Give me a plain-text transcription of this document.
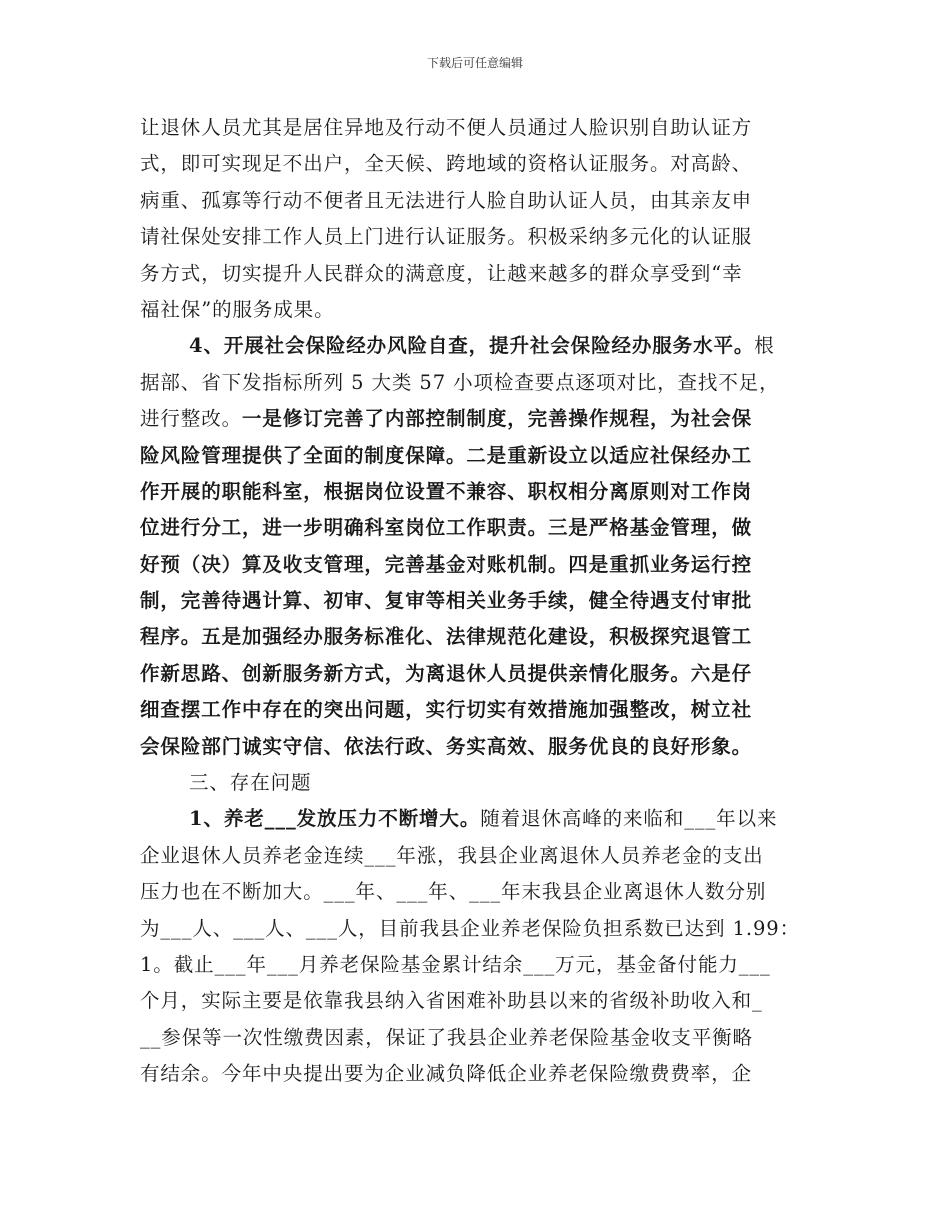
下载后可任意编辑
让退休人员尤其是居住异地及行动不便人员通过人脸识别自助认证方
式，即可实现足不出户，全天候、跨地域的资格认证服务。对高龄、
病重、孤寡等行动不便者且无法进行人脸自助认证人员，由其亲友申
请社保处安排工作人员上门进行认证服务。积极采纳多元化的认证服
务方式，切实提升人民群众的满意度，让越来越多的群众享受到“幸
福社保”的服务成果。
4、开展社会保险经办风险自查，提升社会保险经办服务水平。根
据部、省下发指标所列 5 大类 57 小项检查要点逐项对比，查找不足，
进行整改。一是修订完善了内部控制制度，完善操作规程，为社会保
险风险管理提供了全面的制度保障。二是重新设立以适应社保经办工
作开展的职能科室，根据岗位设置不兼容、职权相分离原则对工作岗
位进行分工，进一步明确科室岗位工作职责。三是严格基金管理，做
好预（决）算及收支管理，完善基金对账机制。四是重抓业务运行控
制，完善待遇计算、初审、复审等相关业务手续，健全待遇支付审批
程序。五是加强经办服务标准化、法律规范化建设，积极探究退管工
作新思路、创新服务新方式，为离退休人员提供亲情化服务。六是仔
细查摆工作中存在的突出问题，实行切实有效措施加强整改，树立社
会保险部门诚实守信、依法行政、务实高效、服务优良的良好形象。
三、存在问题
1、养老___发放压力不断增大。随着退休高峰的来临和___年以来
企业退休人员养老金连续___年涨，我县企业离退休人员养老金的支出
压力也在不断加大。___年、___年、___年末我县企业离退休人数分别
为___人、___人、___人，目前我县企业养老保险负担系数已达到 1.99：
1。截止___年___月养老保险基金累计结余___万元，基金备付能力___
个月，实际主要是依靠我县纳入省困难补助县以来的省级补助收入和_
__参保等一次性缴费因素，保证了我县企业养老保险基金收支平衡略
有结余。今年中央提出要为企业减负降低企业养老保险缴费费率，企
